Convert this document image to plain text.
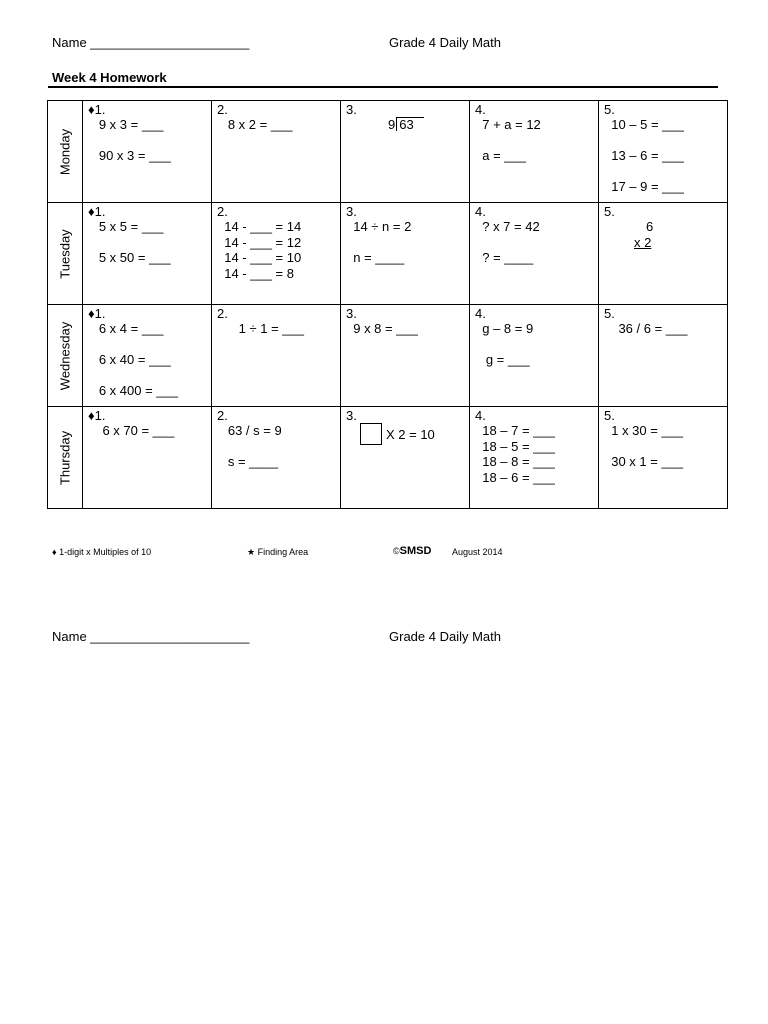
Name ______________________	Grade 4 Daily Math
Week 4 Homework
Monday	♦1.
9 x 3 = ___
90 x 3 = ___	2.
8 x 2 = ___	3.
9 63	4.
7 + a = 12
a = ___	5.
10 – 5 = ___
13 – 6 = ___
17 – 9 = ___

Tuesday	♦1.
5 x 5 = ___
5 x 50 = ___	2.
14 - ___ = 14
14 - ___ = 12
14 - ___ = 10
14 - ___ = 8	3.
14 ÷ n = 2
n = ____	4.
? x 7 = 42
? = ____	5.
6
x 2

Wednesday	♦1.
6 x 4 = ___
6 x 40 = ___
6 x 400 = ___	2.
1 ÷ 1 = ___	3.
9 x 8 = ___	4.
g – 8 = 9
g = ___	5.
36 / 6 = ___

Thursday	♦1.
6 x 70 = ___	2.
63 / s = 9
s = ____	3.
X 2 = 10	4.
18 – 7 = ___
18 – 5 = ___
18 – 8 = ___
18 – 6 = ___	5.
1 x 30 = ___
30 x 1 = ___
♦ 1-digit x Multiples of 10	★ Finding Area	©SMSD August 2014
Name ______________________	Grade 4 Daily Math
